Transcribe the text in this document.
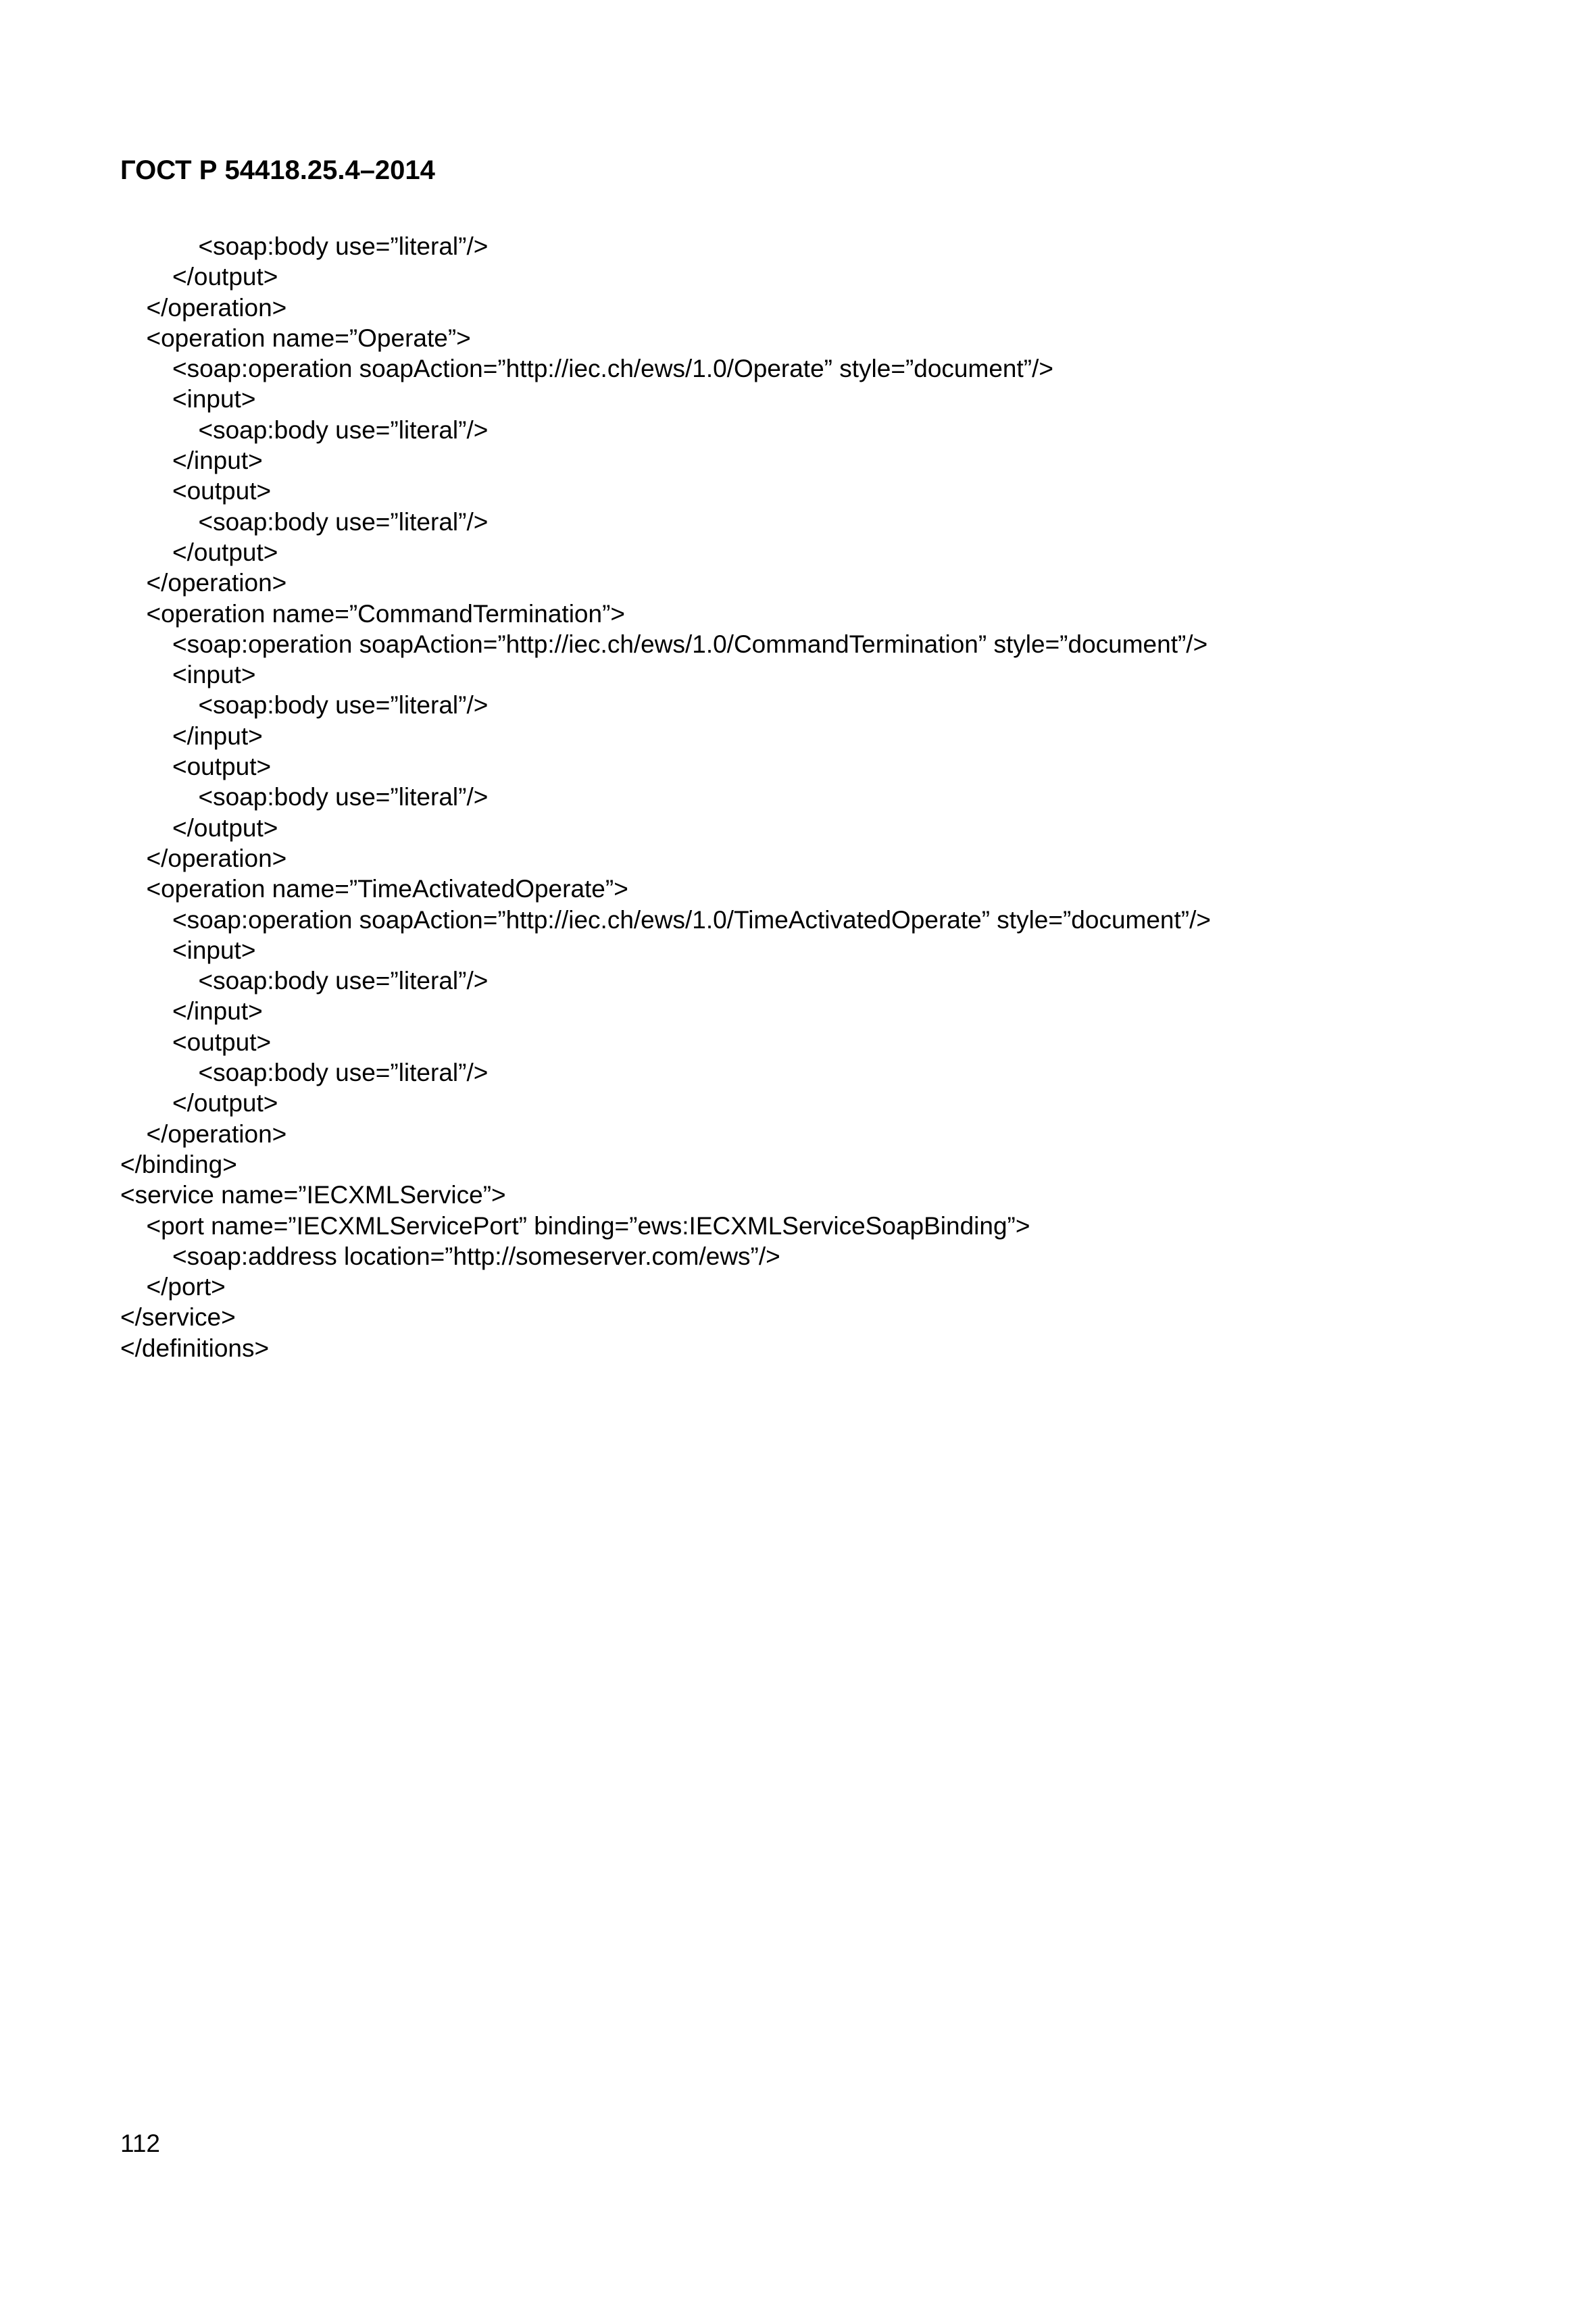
ГОСТ Р 54418.25.4–2014
<soap:body use=”literal”/>
</output>
</operation>
<operation name=”Operate”>
<soap:operation soapAction=”http://iec.ch/ews/1.0/Operate” style=”document”/>
<input>
<soap:body use=”literal”/>
</input>
<output>
<soap:body use=”literal”/>
</output>
</operation>
<operation name=”CommandTermination”>
<soap:operation soapAction=”http://iec.ch/ews/1.0/CommandTermination” style=”document”/>
<input>
<soap:body use=”literal”/>
</input>
<output>
<soap:body use=”literal”/>
</output>
</operation>
<operation name=”TimeActivatedOperate”>
<soap:operation soapAction=”http://iec.ch/ews/1.0/TimeActivatedOperate” style=”document”/>
<input>
<soap:body use=”literal”/>
</input>
<output>
<soap:body use=”literal”/>
</output>
</operation>
</binding>
<service name=”IECXMLService”>
<port name=”IECXMLServicePort” binding=”ews:IECXMLServiceSoapBinding”>
<soap:address location=”http://someserver.com/ews”/>
</port>
</service>
</definitions>
112
